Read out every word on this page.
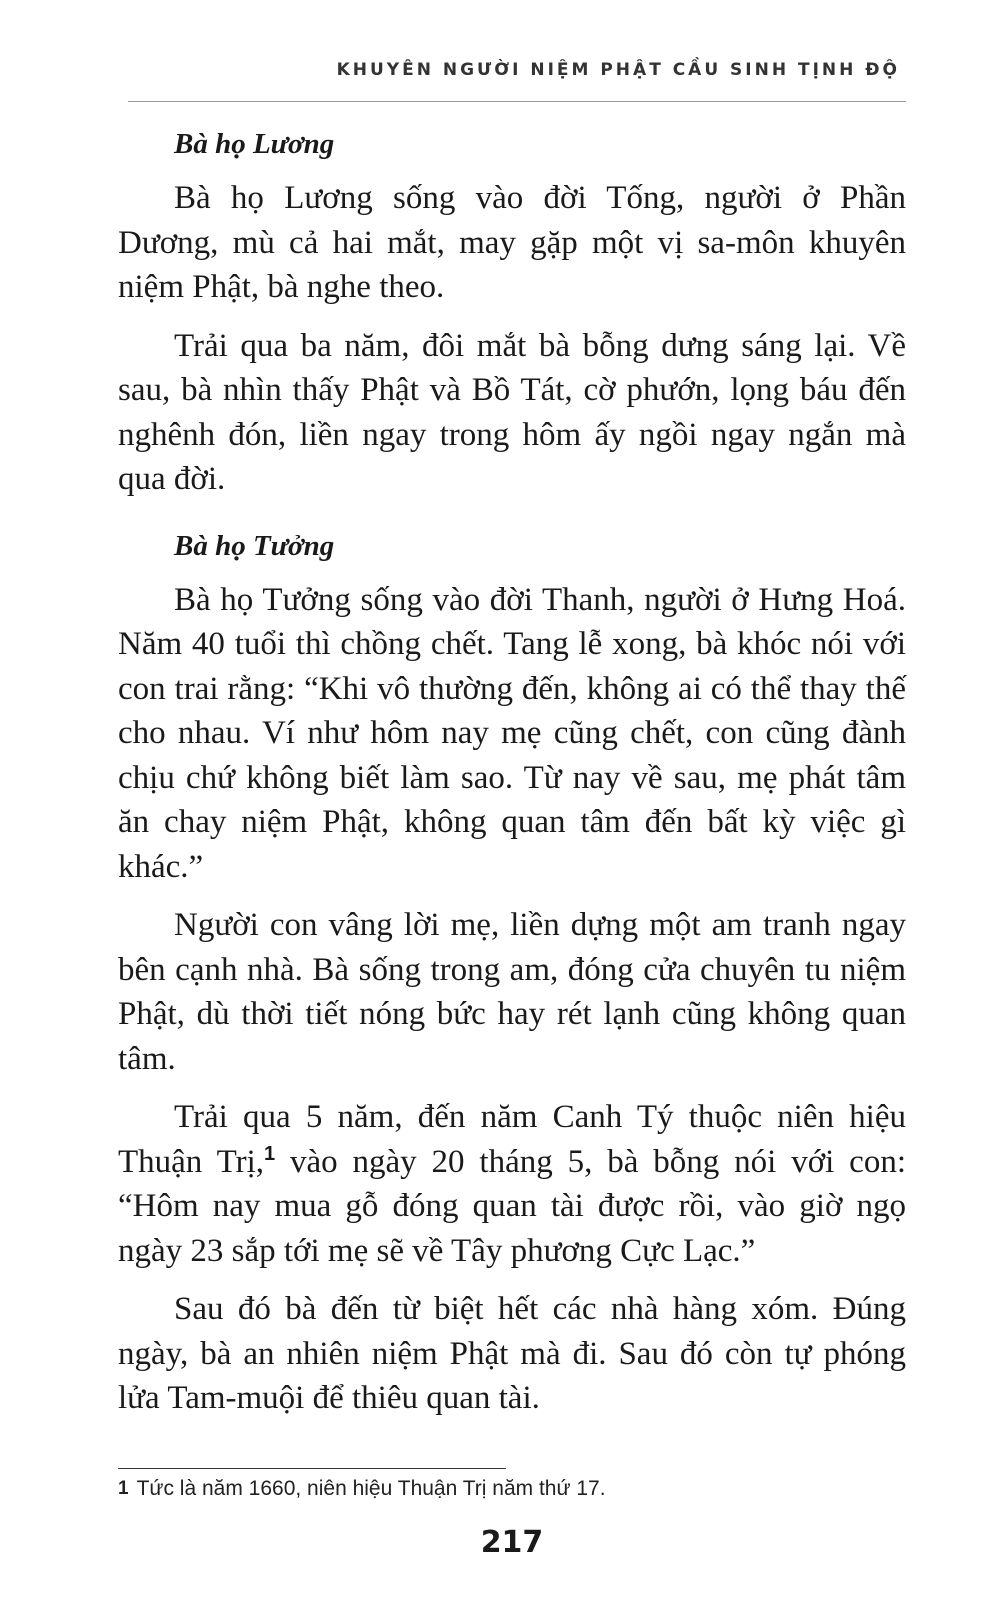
KHUYÊN NGƯỜI NIỆM PHẬT CẦU SINH TỊNH ĐỘ
Bà họ Lương

Bà họ Lương sống vào đời Tống, người ở Phần Dương, mù cả hai mắt, may gặp một vị sa-môn khuyên niệm Phật, bà nghe theo.

Trải qua ba năm, đôi mắt bà bỗng dưng sáng lại. Về sau, bà nhìn thấy Phật và Bồ Tát, cờ phướn, lọng báu đến nghênh đón, liền ngay trong hôm ấy ngồi ngay ngắn mà qua đời.

Bà họ Tưởng

Bà họ Tưởng sống vào đời Thanh, người ở Hưng Hoá. Năm 40 tuổi thì chồng chết. Tang lễ xong, bà khóc nói với con trai rằng: “Khi vô thường đến, không ai có thể thay thế cho nhau. Ví như hôm nay mẹ cũng chết, con cũng đành chịu chứ không biết làm sao. Từ nay về sau, mẹ phát tâm ăn chay niệm Phật, không quan tâm đến bất kỳ việc gì khác.”

Người con vâng lời mẹ, liền dựng một am tranh ngay bên cạnh nhà. Bà sống trong am, đóng cửa chuyên tu niệm Phật, dù thời tiết nóng bức hay rét lạnh cũng không quan tâm.

Trải qua 5 năm, đến năm Canh Tý thuộc niên hiệu Thuận Trị,$^1$ vào ngày 20 tháng 5, bà bỗng nói với con: “Hôm nay mua gỗ đóng quan tài được rồi, vào giờ ngọ ngày 23 sắp tới mẹ sẽ về Tây phương Cực Lạc.”

Sau đó bà đến từ biệt hết các nhà hàng xóm. Đúng ngày, bà an nhiên niệm Phật mà đi. Sau đó còn tự phóng lửa Tam-muội để thiêu quan tài.

1 Tức là năm 1660, niên hiệu Thuận Trị năm thứ 17.
217
